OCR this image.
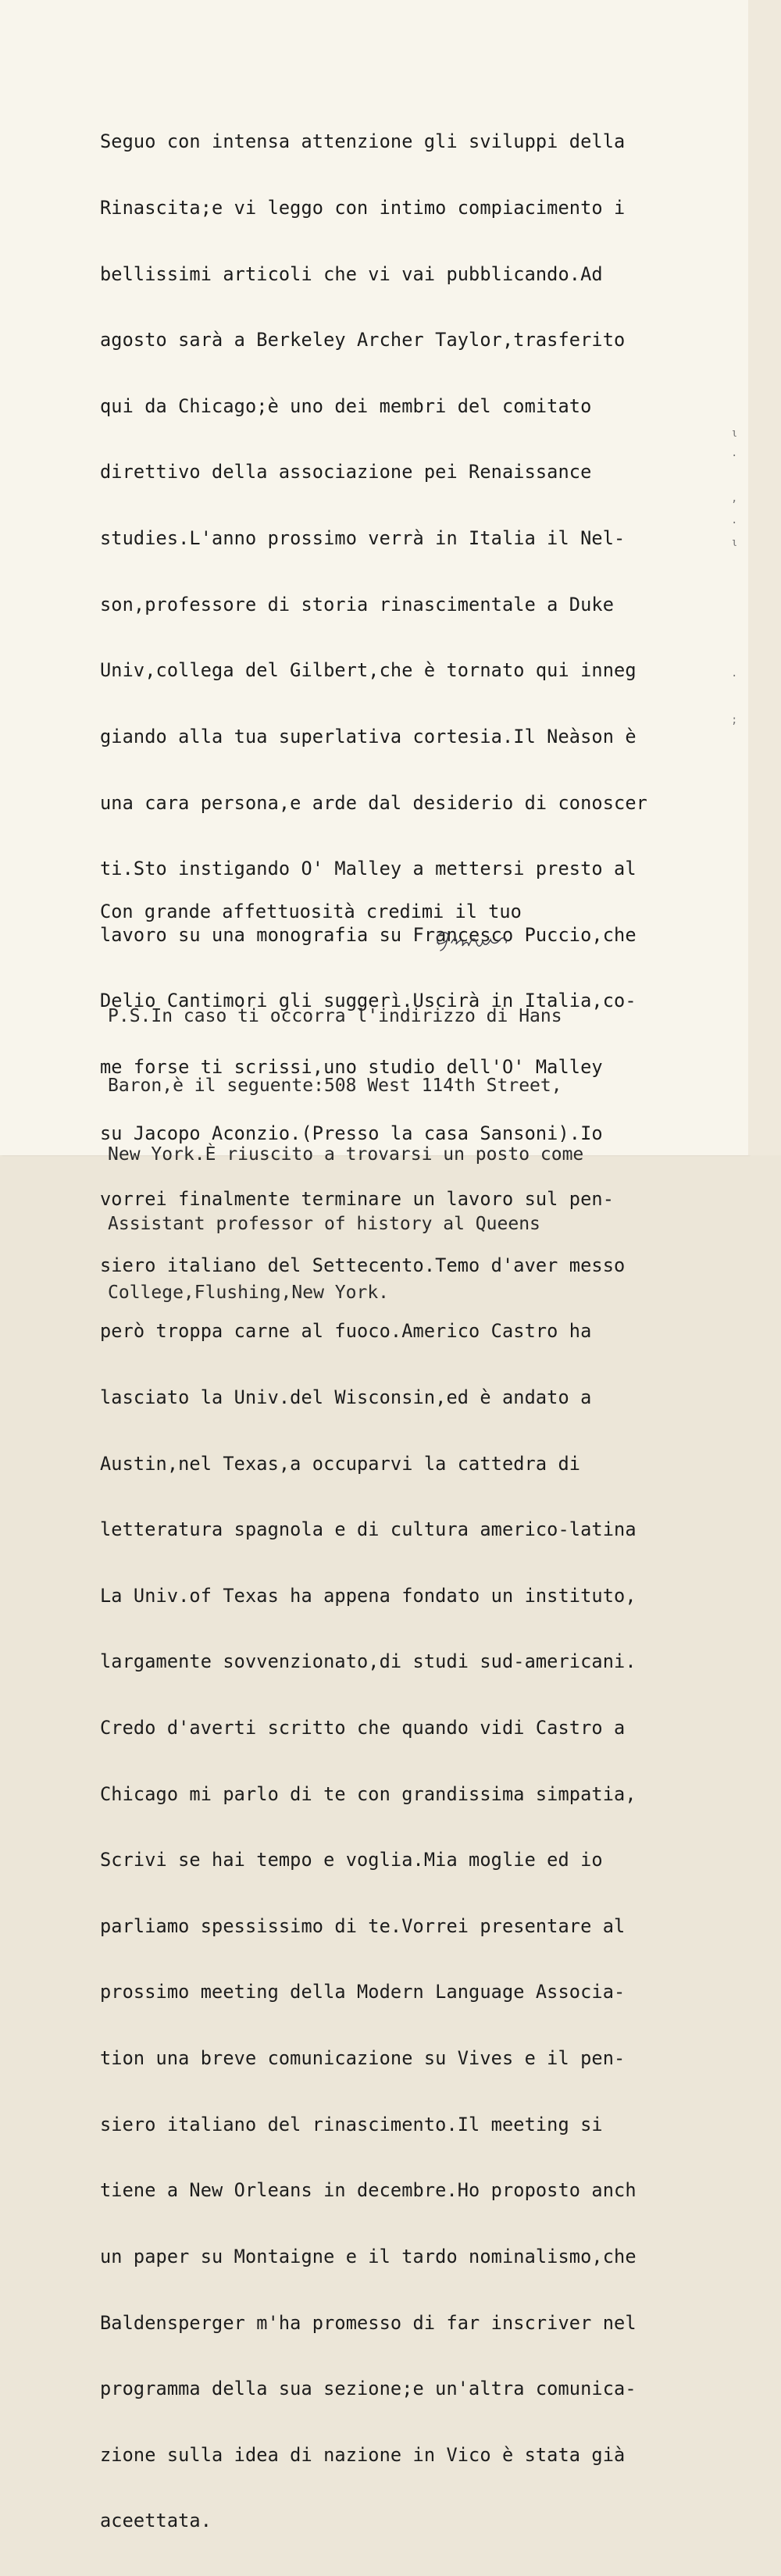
Seguo con intensa attenzione gli sviluppi della

Rinascita;e vi leggo con intimo compiacimento i

bellissimi articoli che vi vai pubblicando.Ad

agosto sarà a Berkeley Archer Taylor,trasferito

qui da Chicago;è uno dei membri del comitato

direttivo della associazione pei Renaissance

studies.L'anno prossimo verrà in Italia il Nel-

son,professore di storia rinascimentale a Duke

Univ,collega del Gilbert,che è tornato qui inneg

giando alla tua superlativa cortesia.Il Neàson è

una cara persona,e arde dal desiderio di conoscer

ti.Sto instigando O' Malley a mettersi presto al

lavoro su una monografia su Francesco Puccio,che

Delio Cantimori gli suggerì.Uscirà in Italia,co-

me forse ti scrissi,uno studio dell'O' Malley

su Jacopo Aconzio.(Presso la casa Sansoni).Io

vorrei finalmente terminare un lavoro sul pen-

siero italiano del Settecento.Temo d'aver messo

però troppa carne al fuoco.Americo Castro ha

lasciato la Univ.del Wisconsin,ed è andato a

Austin,nel Texas,a occuparvi la cattedra di

letteratura spagnola e di cultura americo-latina

La Univ.of Texas ha appena fondato un instituto,

largamente sovvenzionato,di studi sud-americani.

Credo d'averti scritto che quando vidi Castro a

Chicago mi parlo di te con grandissima simpatia,

Scrivi se hai tempo e voglia.Mia moglie ed io

parliamo spessissimo di te.Vorrei presentare al

prossimo meeting della Modern Language Associa-

tion una breve comunicazione su Vives e il pen-

siero italiano del rinascimento.Il meeting si

tiene a New Orleans in decembre.Ho proposto anch

un paper su Montaigne e il tardo nominalismo,che

Baldensperger m'ha promesso di far inscriver nel

programma della sua sezione;e un'altra comunica-

zione sulla idea di nazione in Vico è stata già

aceettata.

Con grande affettuosità credimi il tuo

P.S.In caso ti occorra l'indirizzo di Hans

Baron,è il seguente:508 West 114th Street,

New York.È riuscito a trovarsi un posto come

Assistant professor of history al Queens

College,Flushing,New York.

ι
.
,
.
ι
.
;
